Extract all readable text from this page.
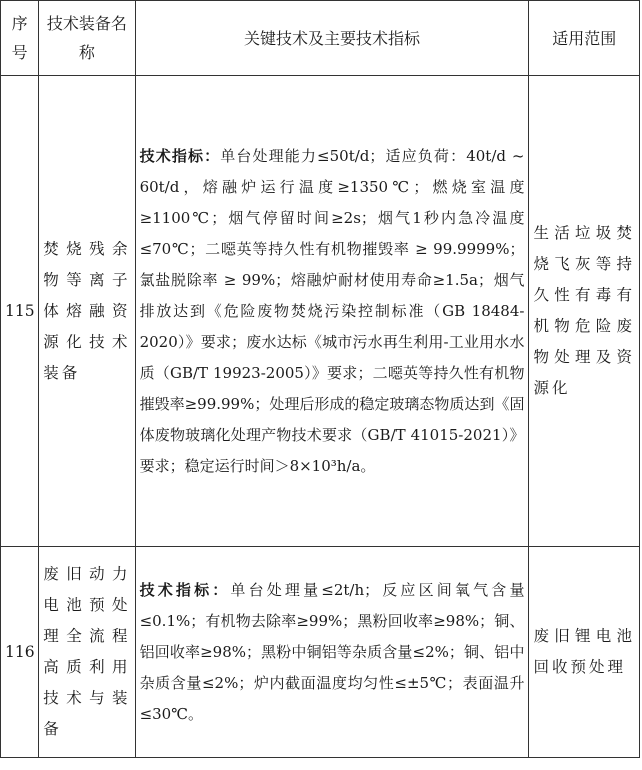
序号	技术装备名称	关键技术及主要技术指标	适用范围
115	焚烧残余物等离子体熔融资源化技术装备	技术指标：单台处理能力≤50t/d；适应负荷：40t/d ~ 60t/d，熔融炉运行温度≥1350℃；燃烧室温度≥1100℃；烟气停留时间≥2s；烟气1秒内急冷温度≤70℃；二噁英等持久性有机物摧毁率 ≥ 99.9999%；氯盐脱除率 ≥ 99%；熔融炉耐材使用寿命≥1.5a；烟气排放达到《危险废物焚烧污染控制标准（GB 18484-2020）》要求；废水达标《城市污水再生利用-工业用水水质（GB/T 19923-2005）》要求；二噁英等持久性有机物摧毁率≥99.99%；处理后形成的稳定玻璃态物质达到《固体废物玻璃化处理产物技术要求（GB/T 41015-2021）》要求；稳定运行时间＞8×10³h/a。	生活垃圾焚烧飞灰等持久性有毒有机物危险废物处理及资源化
116	废旧动力电池预处理全流程高质利用技术与装备	技术指标：单台处理量≤2t/h；反应区间氧气含量≤0.1%；有机物去除率≥99%；黑粉回收率≥98%；铜、铝回收率≥98%；黑粉中铜铝等杂质含量≤2%；铜、铝中杂质含量≤2%；炉内截面温度均匀性≤±5℃；表面温升≤30℃。	废旧锂电池回收预处理
